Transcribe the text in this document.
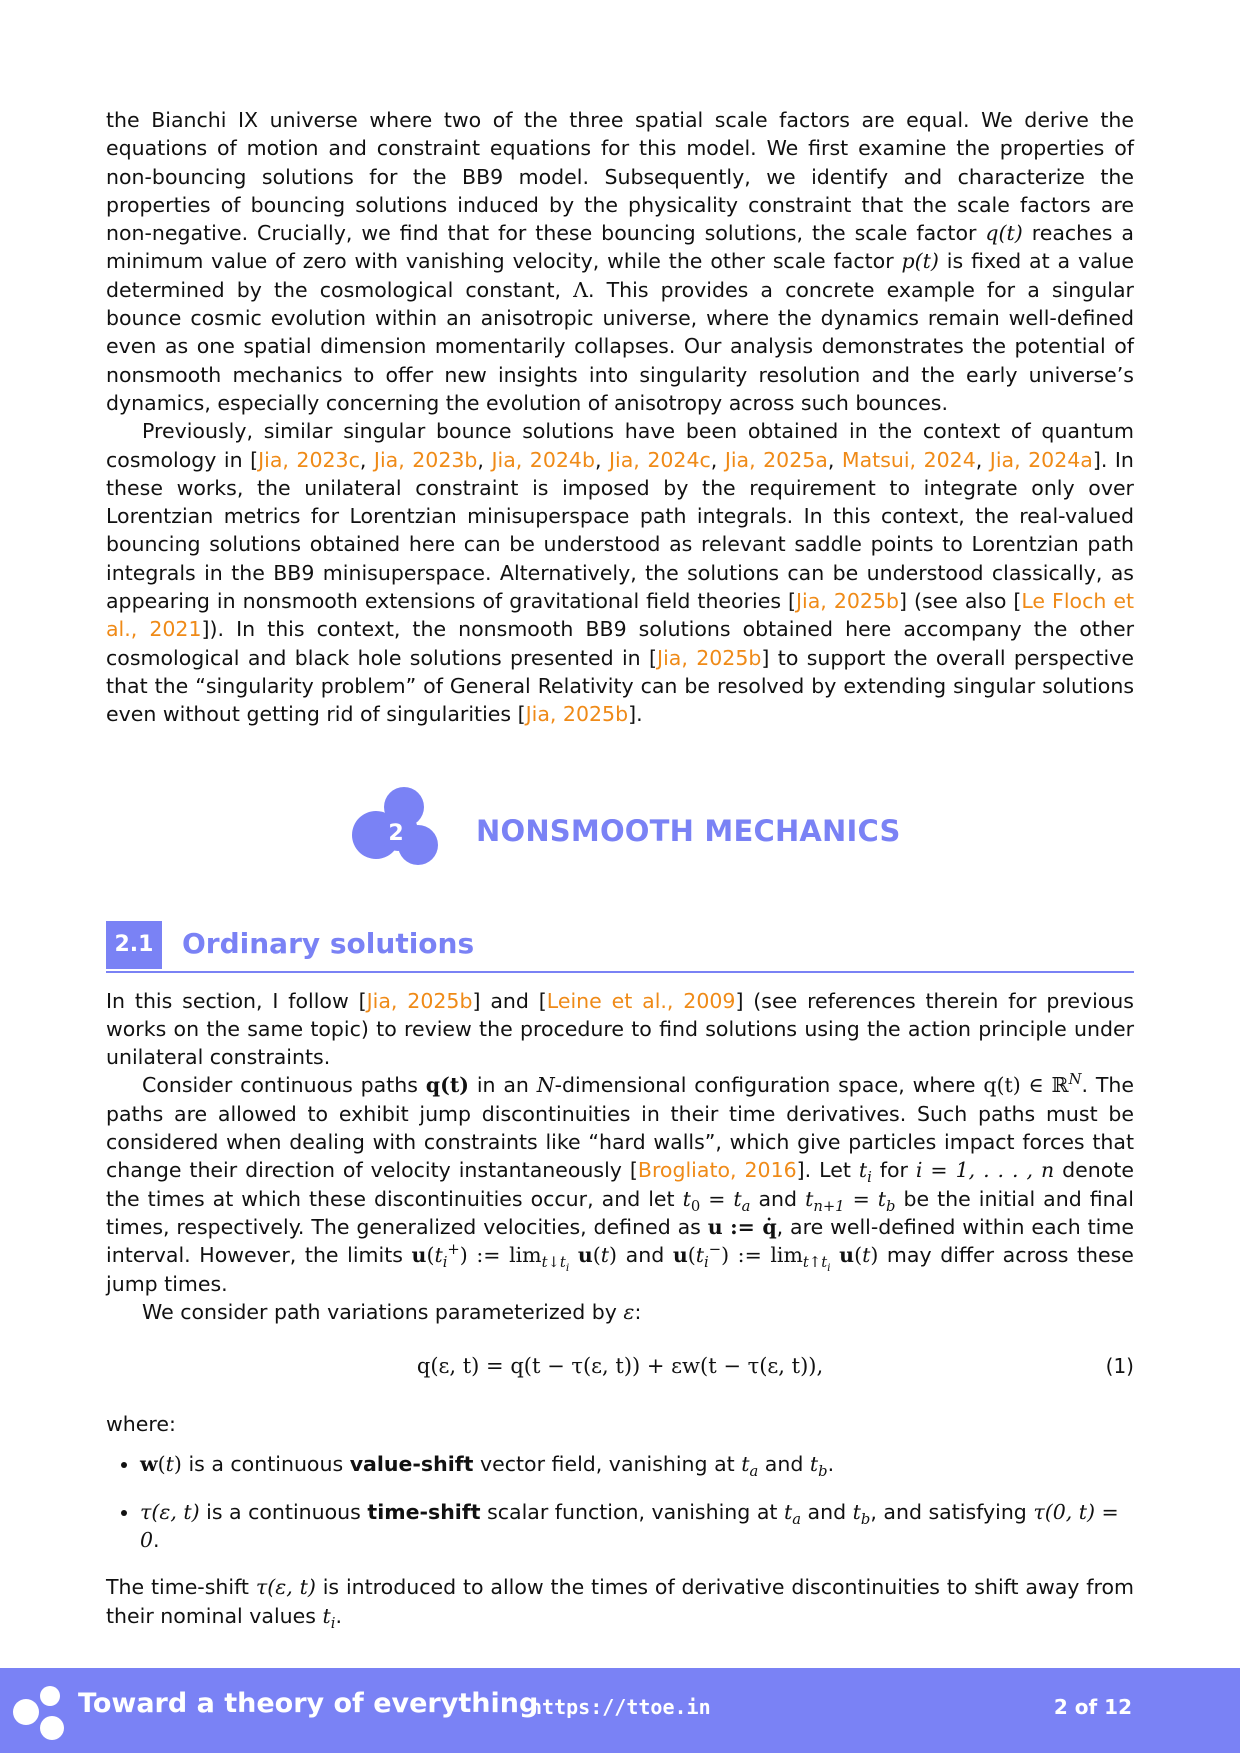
the Bianchi IX universe where two of the three spatial scale factors are equal. We derive the equations of motion and constraint equations for this model. We first examine the properties of non-bouncing solutions for the BB9 model. Subsequently, we identify and characterize the properties of bouncing solutions induced by the physicality constraint that the scale factors are non-negative. Crucially, we find that for these bouncing solutions, the scale factor q(t) reaches a minimum value of zero with vanishing velocity, while the other scale factor p(t) is fixed at a value determined by the cosmological constant, Λ. This provides a concrete example for a singular bounce cosmic evolution within an anisotropic universe, where the dynamics remain well-defined even as one spatial dimension momentarily collapses. Our analysis demonstrates the potential of nonsmooth mechanics to offer new insights into singularity resolution and the early universe’s dynamics, especially concerning the evolution of anisotropy across such bounces.

Previously, similar singular bounce solutions have been obtained in the context of quantum cosmology in [Jia, 2023c, Jia, 2023b, Jia, 2024b, Jia, 2024c, Jia, 2025a, Matsui, 2024, Jia, 2024a]. In these works, the unilateral constraint is imposed by the requirement to integrate only over Lorentzian metrics for Lorentzian minisuperspace path integrals. In this context, the real-valued bouncing solutions obtained here can be understood as relevant saddle points to Lorentzian path integrals in the BB9 minisuperspace. Alternatively, the solutions can be understood classically, as appearing in nonsmooth extensions of gravitational field theories [Jia, 2025b] (see also [Le Floch et al., 2021]). In this context, the nonsmooth BB9 solutions obtained here accompany the other cosmological and black hole solutions presented in [Jia, 2025b] to support the overall perspective that the “singularity problem” of General Relativity can be resolved by extending singular solutions even without getting rid of singularities [Jia, 2025b].

2 NONSMOOTH MECHANICS
2.1	Ordinary solutions

In this section, I follow [Jia, 2025b] and [Leine et al., 2009] (see references therein for previous works on the same topic) to review the procedure to find solutions using the action principle under unilateral constraints.

Consider continuous paths q(t) in an N-dimensional configuration space, where q(t) ∈ ℝ$^N$. The paths are allowed to exhibit jump discontinuities in their time derivatives. Such paths must be considered when dealing with constraints like “hard walls”, which give particles impact forces that change their direction of velocity instantaneously [Brogliato, 2016]. Let $t_i$ for i = 1, . . . , n denote the times at which these discontinuities occur, and let $t_0 = t_a$ and $t_{n+1} = t_b$ be the initial and final times, respectively. The generalized velocities, defined as u := q̇, are well-defined within each time interval. However, the limits $u(t_i^+)$ := $\lim_{t↓t_i} u(t)$ and $u(t_i^-)$ := $\lim_{t↑t_i} u(t)$ may differ across these jump times.

We consider path variations parameterized by ε:

q(ε, t) = q(t − τ(ε, t)) + εw(t − τ(ε, t)),	(1)

where:

• w(t) is a continuous value-shift vector field, vanishing at $t_a$ and $t_b$.
• τ(ε, t) is a continuous time-shift scalar function, vanishing at $t_a$ and $t_b$, and satisfying τ(0, t) = 0.

The time-shift τ(ε, t) is introduced to allow the times of derivative discontinuities to shift away from their nominal values $t_i$.

Toward a theory of everything
https://ttoe.in	2 of 12
